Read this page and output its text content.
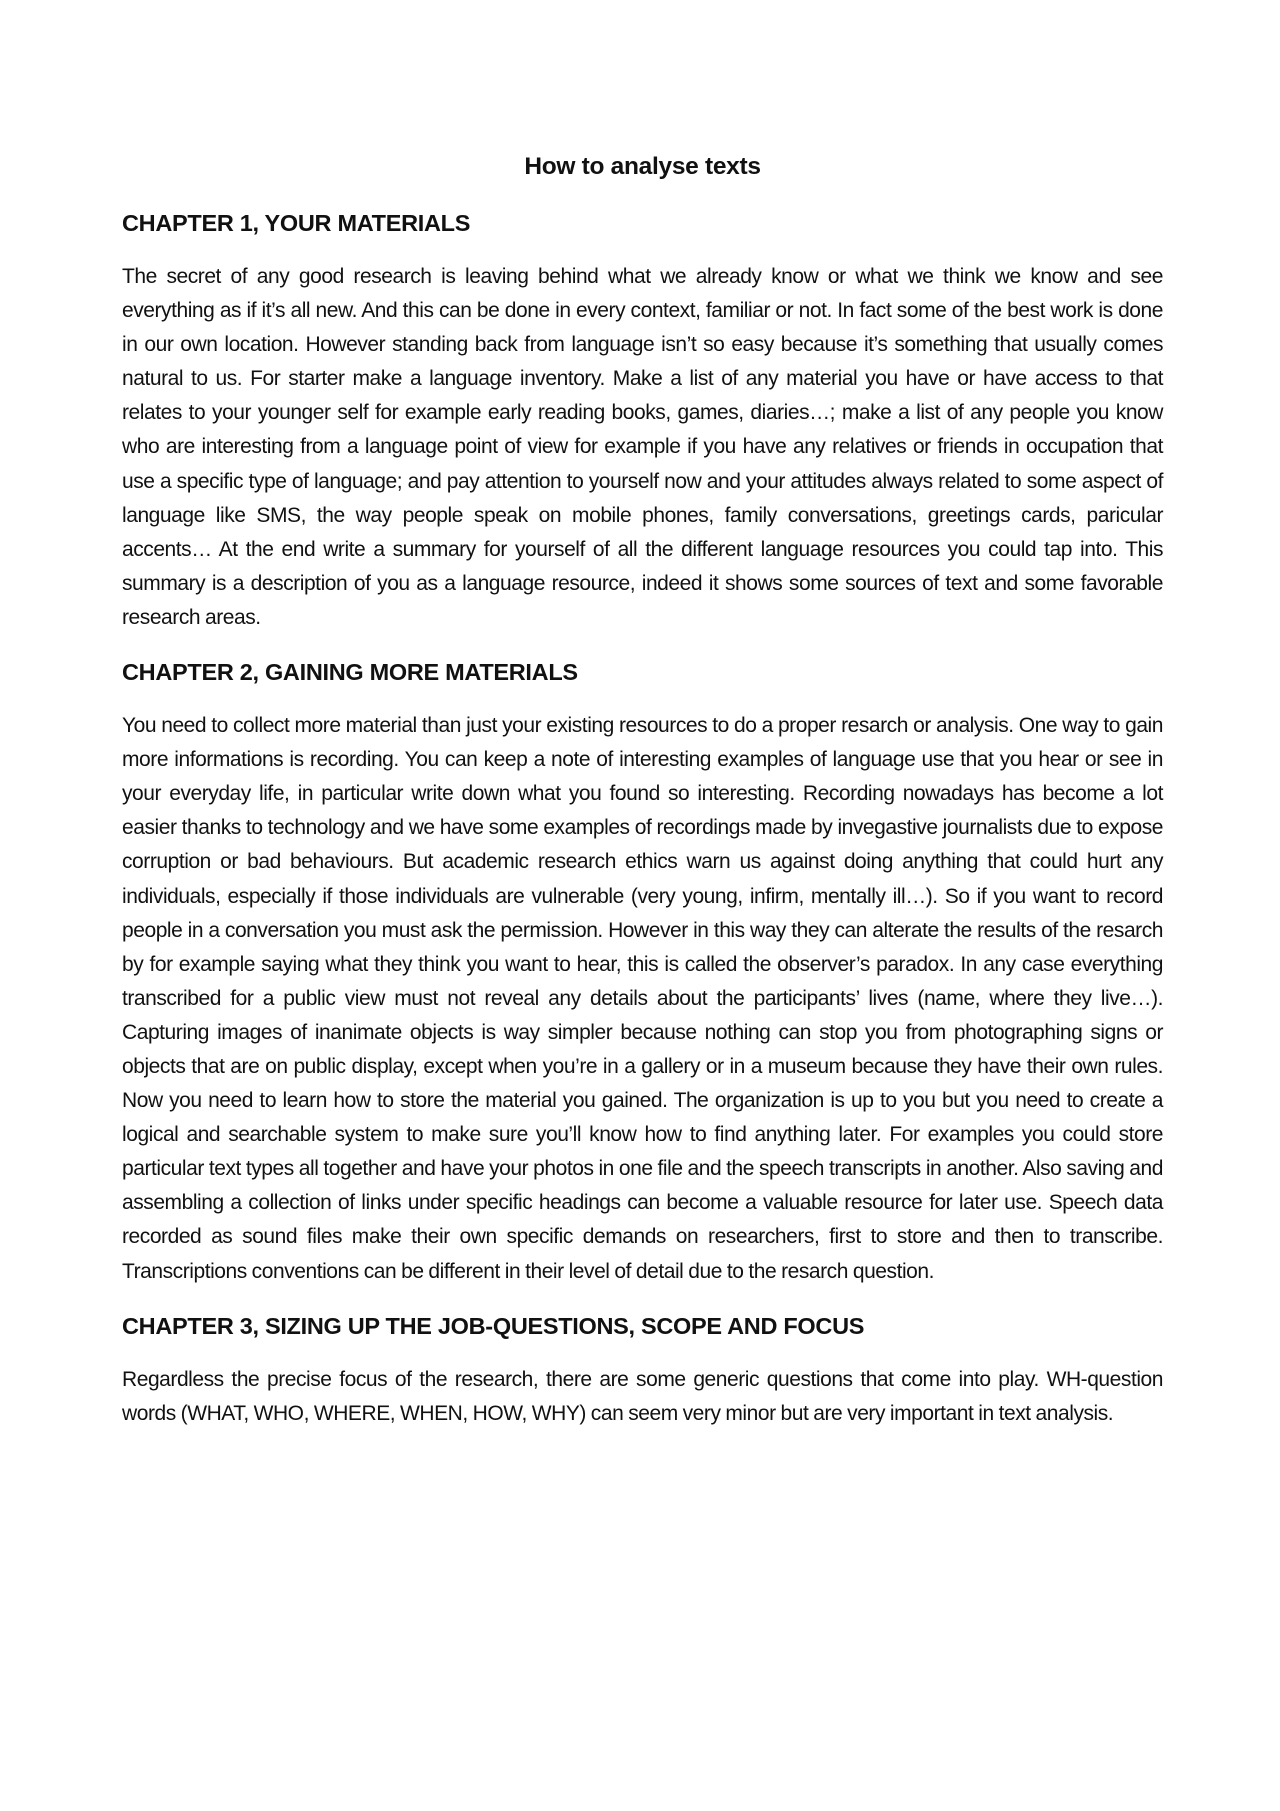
How to analyse texts
CHAPTER 1, YOUR MATERIALS

The secret of any good research is leaving behind what we already know or what we think we know and see everything as if it’s all new. And this can be done in every context, familiar or not. In fact some of the best work is done in our own location. However standing back from language isn’t so easy because it’s something that usually comes natural to us. For starter make a language inventory. Make a list of any material you have or have access to that relates to your younger self for example early reading books, games, diaries…; make a list of any people you know who are interesting from a language point of view for example if you have any relatives or friends in occupation that use a specific type of language; and pay attention to yourself now and your attitudes always related to some aspect of language like SMS, the way people speak on mobile phones, family conversations, greetings cards, paricular accents… At the end write a summary for yourself of all the different language resources you could tap into. This summary is a description of you as a language resource, indeed it shows some sources of text and some favorable research areas.

CHAPTER 2, GAINING MORE MATERIALS

You need to collect more material than just your existing resources to do a proper resarch or analysis. One way to gain more informations is recording. You can keep a note of interesting examples of language use that you hear or see in your everyday life, in particular write down what you found so interesting. Recording nowadays has become a lot easier thanks to technology and we have some examples of recordings made by invegastive journalists due to expose corruption or bad behaviours. But academic research ethics warn us against doing anything that could hurt any individuals, especially if those individuals are vulnerable (very young, infirm, mentally ill…). So if you want to record people in a conversation you must ask the permission. However in this way they can alterate the results of the resarch by for example saying what they think you want to hear, this is called the observer’s paradox. In any case everything transcribed for a public view must not reveal any details about the participants’ lives (name, where they live…). Capturing images of inanimate objects is way simpler because nothing can stop you from photographing signs or objects that are on public display, except when you’re in a gallery or in a museum because they have their own rules. Now you need to learn how to store the material you gained. The organization is up to you but you need to create a logical and searchable system to make sure you’ll know how to find anything later. For examples you could store particular text types all together and have your photos in one file and the speech transcripts in another. Also saving and assembling a collection of links under specific headings can become a valuable resource for later use. Speech data recorded as sound files make their own specific demands on researchers, first to store and then to transcribe. Transcriptions conventions can be different in their level of detail due to the resarch question.

CHAPTER 3, SIZING UP THE JOB-QUESTIONS, SCOPE AND FOCUS

Regardless the precise focus of the research, there are some generic questions that come into play. WH-question words (WHAT, WHO, WHERE, WHEN, HOW, WHY) can seem very minor but are very important in text analysis.
